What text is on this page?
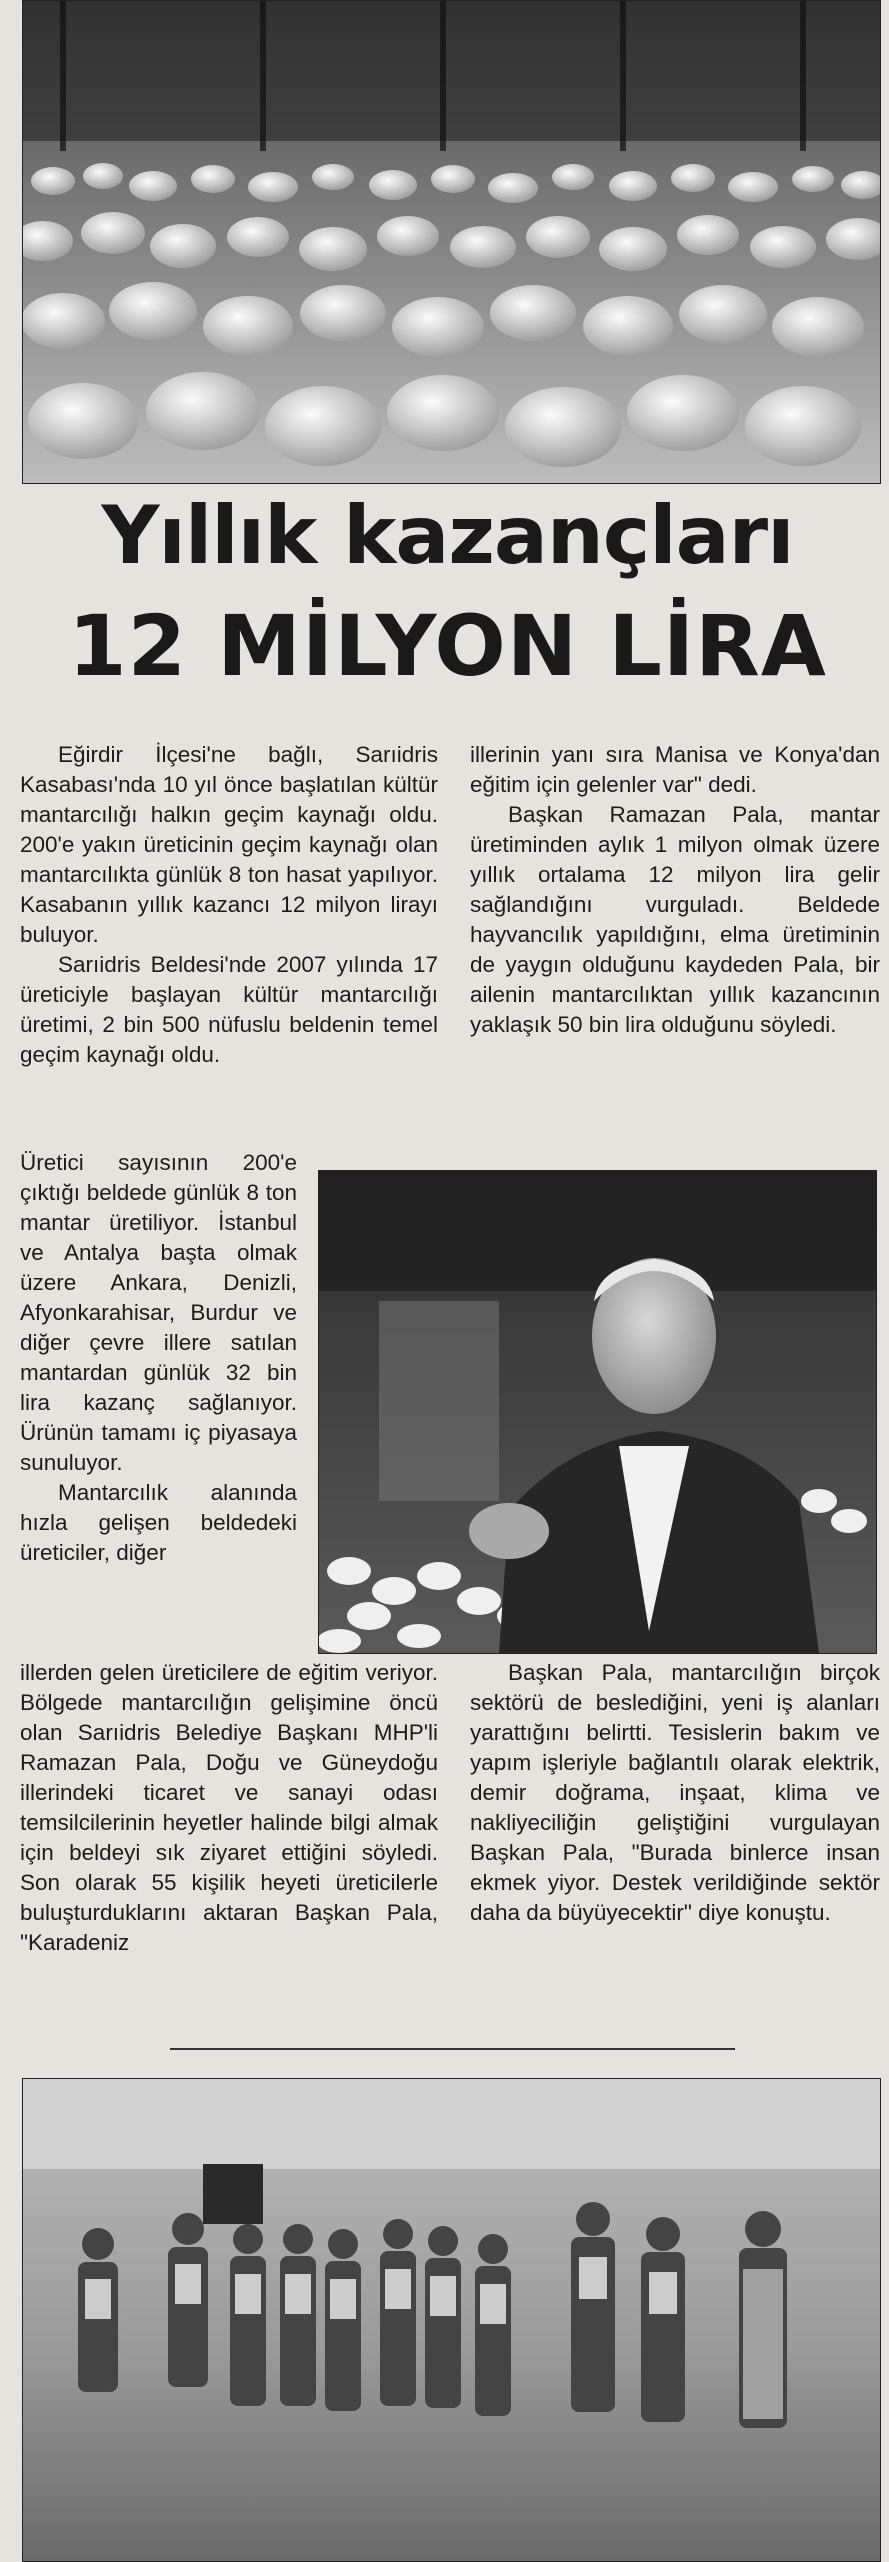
Yıllık kazançları
12 MİLYON LİRA

Eğirdir İlçesi'ne bağlı, Sarıidris Kasabası'nda 10 yıl önce başlatılan kültür mantarcılığı halkın geçim kaynağı oldu. 200'e yakın üreticinin geçim kaynağı olan mantarcılıkta günlük 8 ton hasat yapılıyor. Kasabanın yıllık kazancı 12 milyon lirayı buluyor.

Sarıidris Beldesi'nde 2007 yılında 17 üreticiyle başlayan kültür mantarcılığı üretimi, 2 bin 500 nüfuslu beldenin temel geçim kaynağı oldu.

Üretici sayısının 200'e çıktığı beldede günlük 8 ton mantar üretiliyor. İstanbul ve Antalya başta olmak üzere Ankara, Denizli, Afyonkarahisar, Burdur ve diğer çevre illere satılan mantardan günlük 32 bin lira kazanç sağlanıyor. Ürünün tamamı iç piyasaya sunuluyor.

Mantarcılık alanında hızla gelişen beldedeki üreticiler, diğer

illerden gelen üreticilere de eğitim veriyor. Bölgede mantarcılığın gelişimine öncü olan Sarıidris Belediye Başkanı MHP'li Ramazan Pala, Doğu ve Güneydoğu illerindeki ticaret ve sanayi odası temsilcilerinin heyetler halinde bilgi almak için beldeyi sık ziyaret ettiğini söyledi. Son olarak 55 kişilik heyeti üreticilerle buluşturduklarını aktaran Başkan Pala, "Karadeniz

illerinin yanı sıra Manisa ve Konya'dan eğitim için gelenler var" dedi.

Başkan Ramazan Pala, mantar üretiminden aylık 1 milyon olmak üzere yıllık ortalama 12 milyon lira gelir sağlandığını vurguladı. Beldede hayvancılık yapıldığını, elma üretiminin de yaygın olduğunu kaydeden Pala, bir ailenin mantarcılıktan yıllık kazancının yaklaşık 50 bin lira olduğunu söyledi.

Başkan Pala, mantarcılığın birçok sektörü de beslediğini, yeni iş alanları yarattığını belirtti. Tesislerin bakım ve yapım işleriyle bağlantılı olarak elektrik, demir doğrama, inşaat, klima ve nakliyeciliğin geliştiğini vurgulayan Başkan Pala, "Burada binlerce insan ekmek yiyor. Destek verildiğinde sektör daha da büyüyecektir" diye konuştu.
